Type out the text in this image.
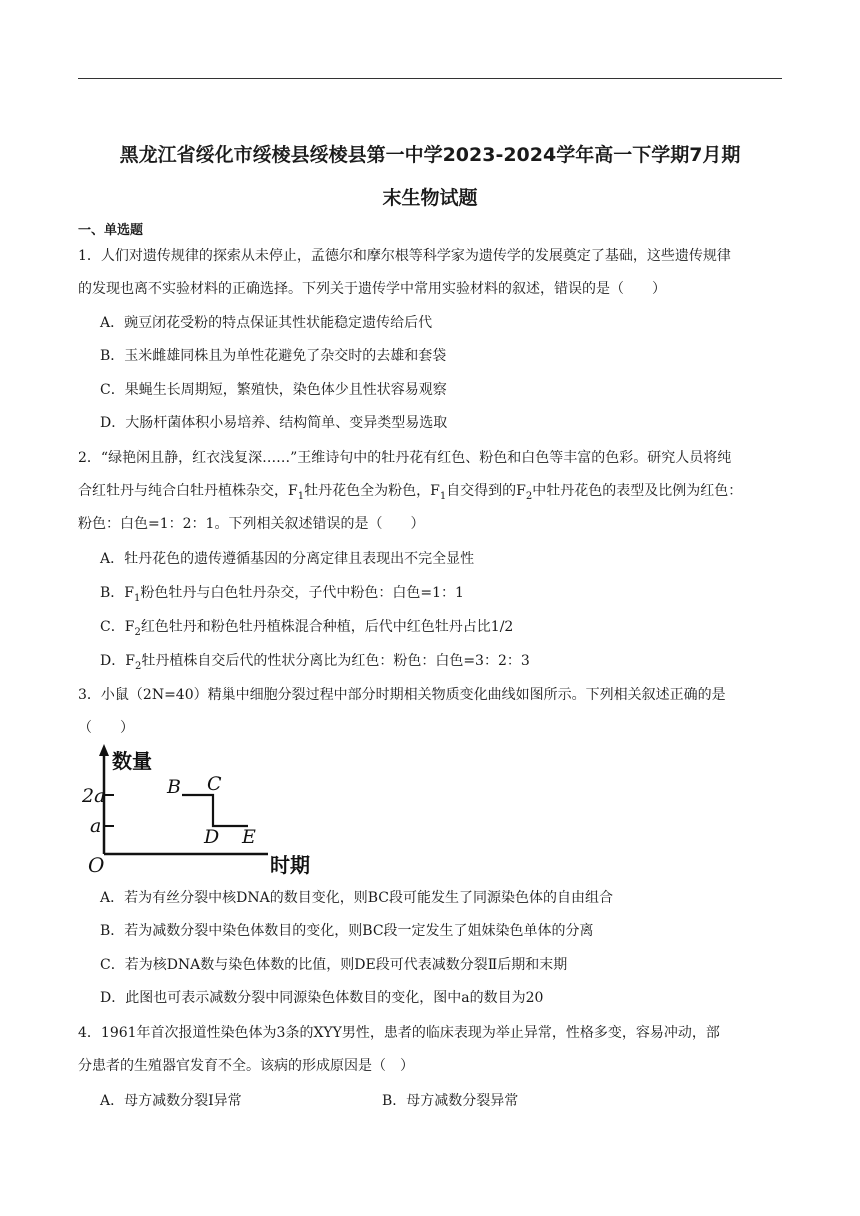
黑龙江省绥化市绥棱县绥棱县第一中学2023-2024学年高一下学期7月期
末生物试题
一、单选题
1．人们对遗传规律的探索从未停止，孟德尔和摩尔根等科学家为遗传学的发展奠定了基础，这些遗传规律
的发现也离不实验材料的正确选择。下列关于遗传学中常用实验材料的叙述，错误的是（　　）
A．豌豆闭花受粉的特点保证其性状能稳定遗传给后代
B．玉米雌雄同株且为单性花避免了杂交时的去雄和套袋
C．果蝇生长周期短，繁殖快，染色体少且性状容易观察
D．大肠杆菌体积小易培养、结构简单、变异类型易选取
2．“绿艳闲且静，红衣浅复深……”王维诗句中的牡丹花有红色、粉色和白色等丰富的色彩。研究人员将纯
合红牡丹与纯合白牡丹植株杂交，$F_1$牡丹花色全为粉色，$F_1$自交得到的$F_2$中牡丹花色的表型及比例为红色：
粉色：白色=1：2：1。下列相关叙述错误的是（　　）
A．牡丹花色的遗传遵循基因的分离定律且表现出不完全显性
B．$F_1$粉色牡丹与白色牡丹杂交，子代中粉色：白色=1：1
C．$F_2$红色牡丹和粉色牡丹植株混合种植，后代中红色牡丹占比1/2
D．$F_2$牡丹植株自交后代的性状分离比为红色：粉色：白色=3：2：3
3．小鼠（2N=40）精巢中细胞分裂过程中部分时期相关物质变化曲线如图所示。下列相关叙述正确的是
（　　）
数量
时期
O
2a
a
B C
D E
A．若为有丝分裂中核DNA的数目变化，则BC段可能发生了同源染色体的自由组合
B．若为减数分裂中染色体数目的变化，则BC段一定发生了姐妹染色单体的分离
C．若为核DNA数与染色体数的比值，则DE段可代表减数分裂Ⅱ后期和末期
D．此图也可表示减数分裂中同源染色体数目的变化，图中a的数目为20
4．1961年首次报道性染色体为3条的XYY男性，患者的临床表现为举止异常，性格多变，容易冲动，部
分患者的生殖器官发育不全。该病的形成原因是（　）
A．母方减数分裂Ⅰ异常	B．母方减数分裂异常
